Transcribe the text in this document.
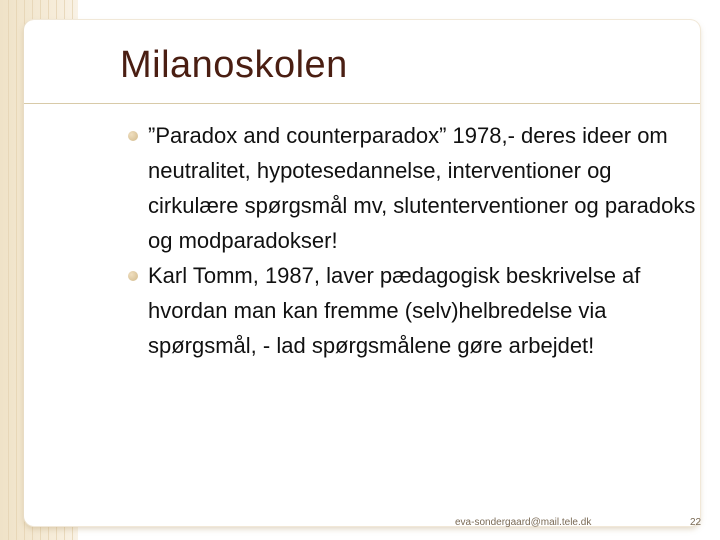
Milanoskolen
”Paradox and counterparadox” 1978,- deres ideer om neutralitet, hypotesedannelse, interventioner og cirkulære spørgsmål mv, slutenterventioner og paradoks og modparadokser!
Karl Tomm, 1987, laver pædagogisk beskrivelse af hvordan man kan fremme (selv)helbredelse via spørgsmål, - lad spørgsmålene gøre arbejdet!
eva-sondergaard@mail.tele.dk	22
